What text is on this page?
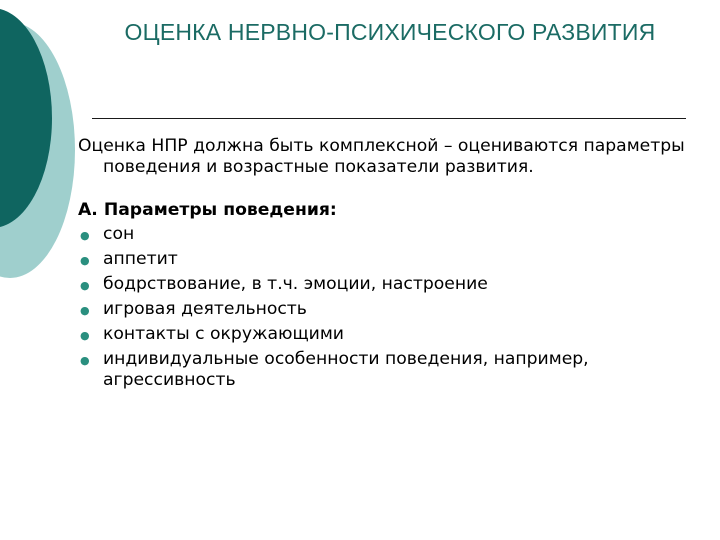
ОЦЕНКА НЕРВНО-ПСИХИЧЕСКОГО РАЗВИТИЯ

Оценка НПР должна быть комплексной – оцениваются параметры поведения и возрастные показатели развития.

А. Параметры поведения:
● сон
● аппетит
● бодрствование, в т.ч. эмоции, настроение
● игровая деятельность
● контакты с окружающими
● индивидуальные особенности поведения, например, агрессивность
